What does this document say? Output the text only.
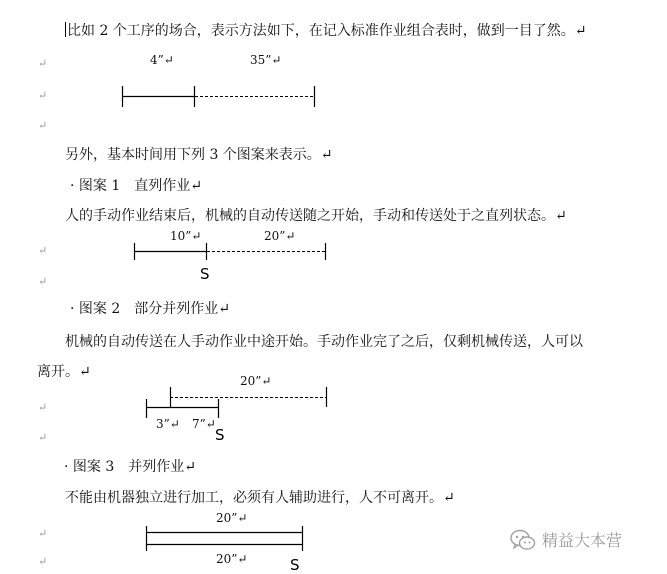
比如 2 个工序的场合，表示方法如下，在记入标准作业组合表时，做到一目了然。↵
4”↵	35”↵
另外，基本时间用下列 3 个图案来表示。↵
· 图案 1　直列作业↵
人的手动作业结束后，机械的自动传送随之开始，手动和传送处于之直列状态。↵
10”↵	20”↵
S
· 图案 2　部分并列作业↵
机械的自动传送在人手动作业中途开始。手动作业完了之后，仅剩机械传送，人可以
离开。↵
20”↵
S
3”↵ 7”↵
· 图案 3　并列作业↵
不能由机器独立进行加工，必须有人辅助进行，人不可离开。↵
20”↵
S
20”↵
↵
↵
↵
↵
↵
↵
↵
↵
↵
精益大本营
